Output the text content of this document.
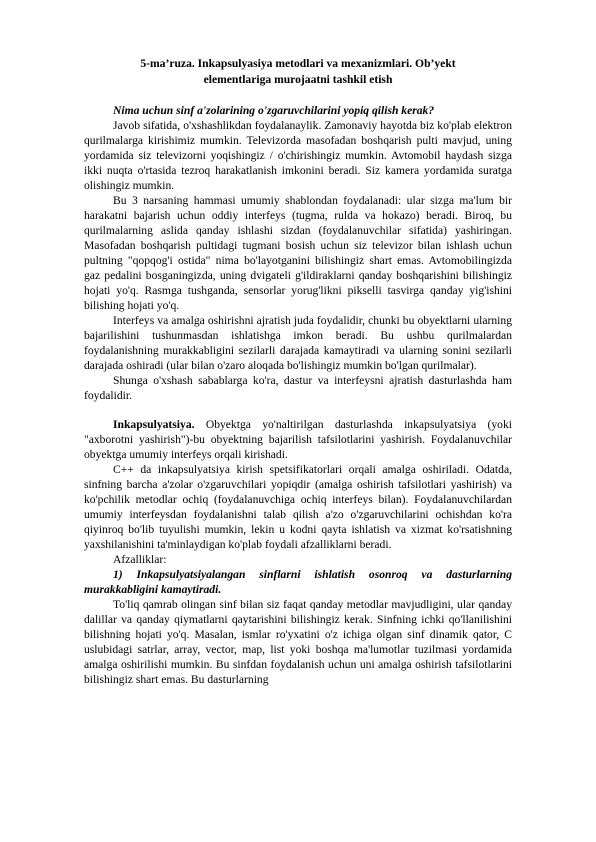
5-ma’ruza. Inkapsulyasiya metodlari va mexanizmlari. Ob’yekt
elementlariga murojaatni tashkil etish

Nima uchun sinf a'zolarining o'zgaruvchilarini yopiq qilish kerak?

Javob sifatida, o'xshashlikdan foydalanaylik. Zamonaviy hayotda biz ko'plab elektron qurilmalarga kirishimiz mumkin. Televizorda masofadan boshqarish pulti mavjud, uning yordamida siz televizorni yoqishingiz / o'chirishingiz mumkin. Avtomobil haydash sizga ikki nuqta o'rtasida tezroq harakatlanish imkonini beradi. Siz kamera yordamida suratga olishingiz mumkin.

Bu 3 narsaning hammasi umumiy shablondan foydalanadi: ular sizga ma'lum bir harakatni bajarish uchun oddiy interfeys (tugma, rulda va hokazo) beradi. Biroq, bu qurilmalarning aslida qanday ishlashi sizdan (foydalanuvchilar sifatida) yashiringan. Masofadan boshqarish pultidagi tugmani bosish uchun siz televizor bilan ishlash uchun pultning "qopqog'i ostida" nima bo'layotganini bilishingiz shart emas. Avtomobilingizda gaz pedalini bosganingizda, uning dvigateli g'ildiraklarni qanday boshqarishini bilishingiz hojati yo'q. Rasmga tushganda, sensorlar yorug'likni pikselli tasvirga qanday yig'ishini bilishing hojati yo'q.

Interfeys va amalga oshirishni ajratish juda foydalidir, chunki bu obyektlarni ularning bajarilishini tushunmasdan ishlatishga imkon beradi. Bu ushbu qurilmalardan foydalanishning murakkabligini sezilarli darajada kamaytiradi va ularning sonini sezilarli darajada oshiradi (ular bilan o'zaro aloqada bo'lishingiz mumkin bo'lgan qurilmalar).

Shunga o'xshash sabablarga ko'ra, dastur va interfeysni ajratish dasturlashda ham foydalidir.

Inkapsulyatsiya. Obyektga yo'naltirilgan dasturlashda inkapsulyatsiya (yoki "axborotni yashirish")-bu obyektning bajarilish tafsilotlarini yashirish. Foydalanuvchilar obyektga umumiy interfeys orqali kirishadi.

C++ da inkapsulyatsiya kirish spetsifikatorlari orqali amalga oshiriladi. Odatda, sinfning barcha a'zolar o'zgaruvchilari yopiqdir (amalga oshirish tafsilotlari yashirish) va ko'pchilik metodlar ochiq (foydalanuvchiga ochiq interfeys bilan). Foydalanuvchilardan umumiy interfeysdan foydalanishni talab qilish a'zo o'zgaruvchilarini ochishdan ko'ra qiyinroq bo'lib tuyulishi mumkin, lekin u kodni qayta ishlatish va xizmat ko'rsatishning yaxshilanishini ta'minlaydigan ko'plab foydali afzalliklarni beradi.

Afzalliklar:

1) Inkapsulyatsiyalangan sinflarni ishlatish osonroq va dasturlarning murakkabligini kamaytiradi.

To'liq qamrab olingan sinf bilan siz faqat qanday metodlar mavjudligini, ular qanday dalillar va qanday qiymatlarni qaytarishini bilishingiz kerak. Sinfning ichki qo'llanilishini bilishning hojati yo'q. Masalan, ismlar ro'yxatini o'z ichiga olgan sinf dinamik qator, C uslubidagi satrlar, array, vector, map, list yoki boshqa ma'lumotlar tuzilmasi yordamida amalga oshirilishi mumkin. Bu sinfdan foydalanish uchun uni amalga oshirish tafsilotlarini bilishingiz shart emas. Bu dasturlarning
